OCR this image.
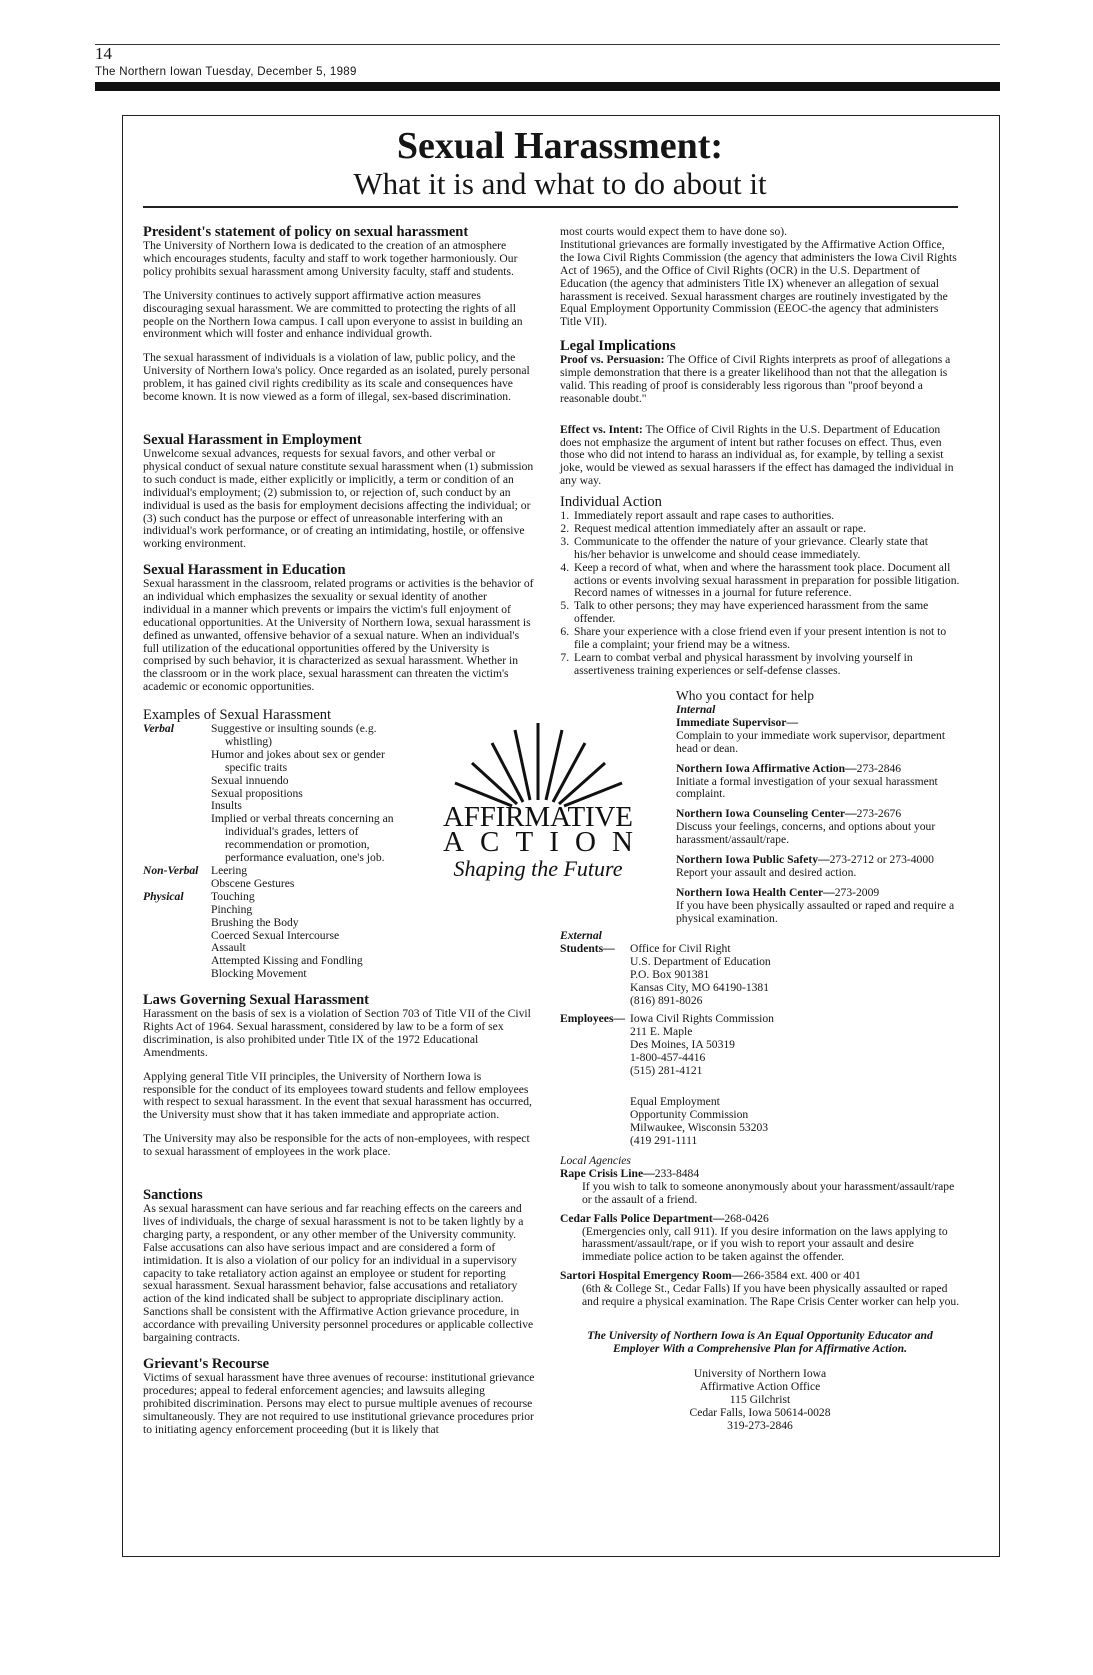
14
The Northern Iowan Tuesday, December 5, 1989
Sexual Harassment:
What it is and what to do about it
President's statement of policy on sexual harassment

The University of Northern Iowa is dedicated to the creation of an atmosphere which encourages students, faculty and staff to work together harmoniously. Our policy prohibits sexual harassment among University faculty, staff and students.

The University continues to actively support affirmative action measures discouraging sexual harassment. We are committed to protecting the rights of all people on the Northern Iowa campus. I call upon everyone to assist in building an environment which will foster and enhance individual growth.

The sexual harassment of individuals is a violation of law, public policy, and the University of Northern Iowa's policy. Once regarded as an isolated, purely personal problem, it has gained civil rights credibility as its scale and consequences have become known. It is now viewed as a form of illegal, sex-based discrimination.

Sexual Harassment in Employment

Unwelcome sexual advances, requests for sexual favors, and other verbal or physical conduct of sexual nature constitute sexual harassment when (1) submission to such conduct is made, either explicitly or implicitly, a term or condition of an individual's employment; (2) submission to, or rejection of, such conduct by an individual is used as the basis for employment decisions affecting the individual; or (3) such conduct has the purpose or effect of unreasonable interfering with an individual's work performance, or of creating an intimidating, hostile, or offensive working environment.

Sexual Harassment in Education

Sexual harassment in the classroom, related programs or activities is the behavior of an individual which emphasizes the sexuality or sexual identity of another individual in a manner which prevents or impairs the victim's full enjoyment of educational opportunities. At the University of Northern Iowa, sexual harassment is defined as unwanted, offensive behavior of a sexual nature. When an individual's full utilization of the educational opportunities offered by the University is comprised by such behavior, it is characterized as sexual harassment. Whether in the classroom or in the work place, sexual harassment can threaten the victim's academic or economic opportunities.

Examples of Sexual Harassment
Verbal	Suggestive or insulting sounds (e.g. whistling)
Humor and jokes about sex or gender specific traits
Sexual innuendo
Sexual propositions
Insults
Implied or verbal threats concerning an individual's grades, letters of recommendation or promotion, performance evaluation, one's job.
Non-Verbal	Leering
Obscene Gestures
Physical	Touching
Pinching
Brushing the Body
Coerced Sexual Intercourse
Assault
Attempted Kissing and Fondling
Blocking Movement
Laws Governing Sexual Harassment

Harassment on the basis of sex is a violation of Section 703 of Title VII of the Civil Rights Act of 1964. Sexual harassment, considered by law to be a form of sex discrimination, is also prohibited under Title IX of the 1972 Educational Amendments.

Applying general Title VII principles, the University of Northern Iowa is responsible for the conduct of its employees toward students and fellow employees with respect to sexual harassment. In the event that sexual harassment has occurred, the University must show that it has taken immediate and appropriate action.

The University may also be responsible for the acts of non-employees, with respect to sexual harassment of employees in the work place.

Sanctions

As sexual harassment can have serious and far reaching effects on the careers and lives of individuals, the charge of sexual harassment is not to be taken lightly by a charging party, a respondent, or any other member of the University community. False accusations can also have serious impact and are considered a form of intimidation. It is also a violation of our policy for an individual in a supervisory capacity to take retaliatory action against an employee or student for reporting sexual harassment. Sexual harassment behavior, false accusations and retaliatory action of the kind indicated shall be subject to appropriate disciplinary action. Sanctions shall be consistent with the Affirmative Action grievance procedure, in accordance with prevailing University personnel procedures or applicable collective bargaining contracts.

Grievant's Recourse

Victims of sexual harassment have three avenues of recourse: institutional grievance procedures; appeal to federal enforcement agencies; and lawsuits alleging prohibited discrimination. Persons may elect to pursue multiple avenues of recourse simultaneously. They are not required to use institutional grievance procedures prior to initiating agency enforcement proceeding (but it is likely that

AFFIRMATIVE
ACTION
Shaping the Future
most courts would expect them to have done so).

Institutional grievances are formally investigated by the Affirmative Action Office, the Iowa Civil Rights Commission (the agency that administers the Iowa Civil Rights Act of 1965), and the Office of Civil Rights (OCR) in the U.S. Department of Education (the agency that administers Title IX) whenever an allegation of sexual harassment is received. Sexual harassment charges are routinely investigated by the Equal Employment Opportunity Commission (EEOC-the agency that administers Title VII).

Legal Implications

Proof vs. Persuasion: The Office of Civil Rights interprets as proof of allegations a simple demonstration that there is a greater likelihood than not that the allegation is valid. This reading of proof is considerably less rigorous than "proof beyond a reasonable doubt."

Effect vs. Intent: The Office of Civil Rights in the U.S. Department of Education does not emphasize the argument of intent but rather focuses on effect. Thus, even those who did not intend to harass an individual as, for example, by telling a sexist joke, would be viewed as sexual harassers if the effect has damaged the individual in any way.

Individual Action
1. Immediately report assault and rape cases to authorities.
2. Request medical attention immediately after an assault or rape.
3. Communicate to the offender the nature of your grievance. Clearly state that his/her behavior is unwelcome and should cease immediately.
4. Keep a record of what, when and where the harassment took place. Document all actions or events involving sexual harassment in preparation for possible litigation. Record names of witnesses in a journal for future reference.
5. Talk to other persons; they may have experienced harassment from the same offender.
6. Share your experience with a close friend even if your present intention is not to file a complaint; your friend may be a witness.
7. Learn to combat verbal and physical harassment by involving yourself in assertiveness training experiences or self-defense classes.
Who you contact for help
Internal
Immediate Supervisor—
Complain to your immediate work supervisor, department head or dean.
Northern Iowa Affirmative Action—273-2846
Initiate a formal investigation of your sexual harassment complaint.
Northern Iowa Counseling Center—273-2676
Discuss your feelings, concerns, and options about your harassment/assault/rape.
Northern Iowa Public Safety—273-2712 or 273-4000
Report your assault and desired action.
Northern Iowa Health Center—273-2009
If you have been physically assaulted or raped and require a physical examination.
External
Students—	Office for Civil Right
U.S. Department of Education
P.O. Box 901381
Kansas City, MO 64190-1381
(816) 891-8026
Employees— Iowa Civil Rights Commission
211 E. Maple
Des Moines, IA 50319
1-800-457-4416
(515) 281-4121
Equal Employment
Opportunity Commission
Milwaukee, Wisconsin 53203
(419 291-1111
Local Agencies
Rape Crisis Line—233-8484
If you wish to talk to someone anonymously about your harassment/assault/rape or the assault of a friend.
Cedar Falls Police Department—268-0426
(Emergencies only, call 911). If you desire information on the laws applying to harassment/assault/rape, or if you wish to report your assault and desire immediate police action to be taken against the offender.
Sartori Hospital Emergency Room—266-3584 ext. 400 or 401
(6th & College St., Cedar Falls) If you have been physically assaulted or raped and require a physical examination. The Rape Crisis Center worker can help you.
The University of Northern Iowa is An Equal Opportunity Educator and Employer With a Comprehensive Plan for Affirmative Action.
University of Northern Iowa
Affirmative Action Office
115 Gilchrist
Cedar Falls, Iowa 50614-0028
319-273-2846
